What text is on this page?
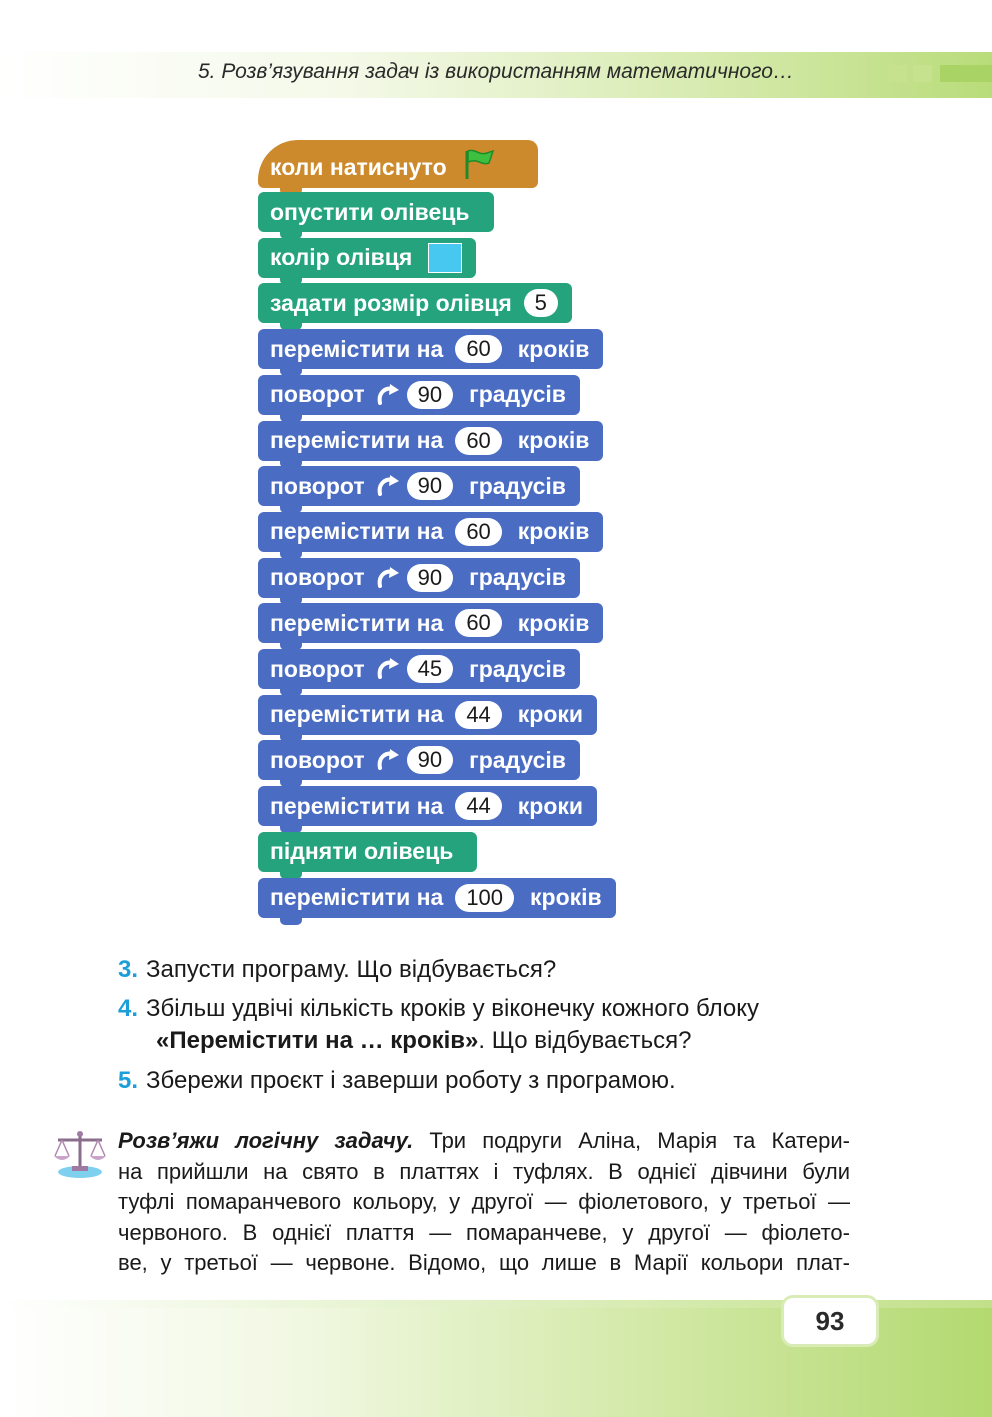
5. Розв’язування задач із використанням математичного…
коли натиснуто
опустити олівець
колір олівця
задати розмір олівця	5
перемістити на	60	кроків
поворот	90	градусів
перемістити на	60	кроків
поворот	90	градусів
перемістити на	60	кроків
поворот	90	градусів
перемістити на	60	кроків
поворот	45	градусів
перемістити на	44	кроки
поворот	90	градусів
перемістити на	44	кроки
підняти олівець
перемістити на	100	кроків
3. Запусти програму. Що відбувається?
4. Збільш удвічі кількість кроків у віконечку кожного блоку
«Перемістити на … кроків». Що відбувається?
5. Збережи проєкт і заверши роботу з програмою.
Розв’яжи логічну задачу. Три подруги Аліна, Марія та Катери-
на прийшли на свято в платтях і туфлях. В однієї дівчини були
туфлі помаранчевого кольору, у другої — фіолетового, у третьої —
червоного. В однієї плаття — помаранчеве, у другої — фіолето-
ве, у третьої — червоне. Відомо, що лише в Марії кольори плат-
93
